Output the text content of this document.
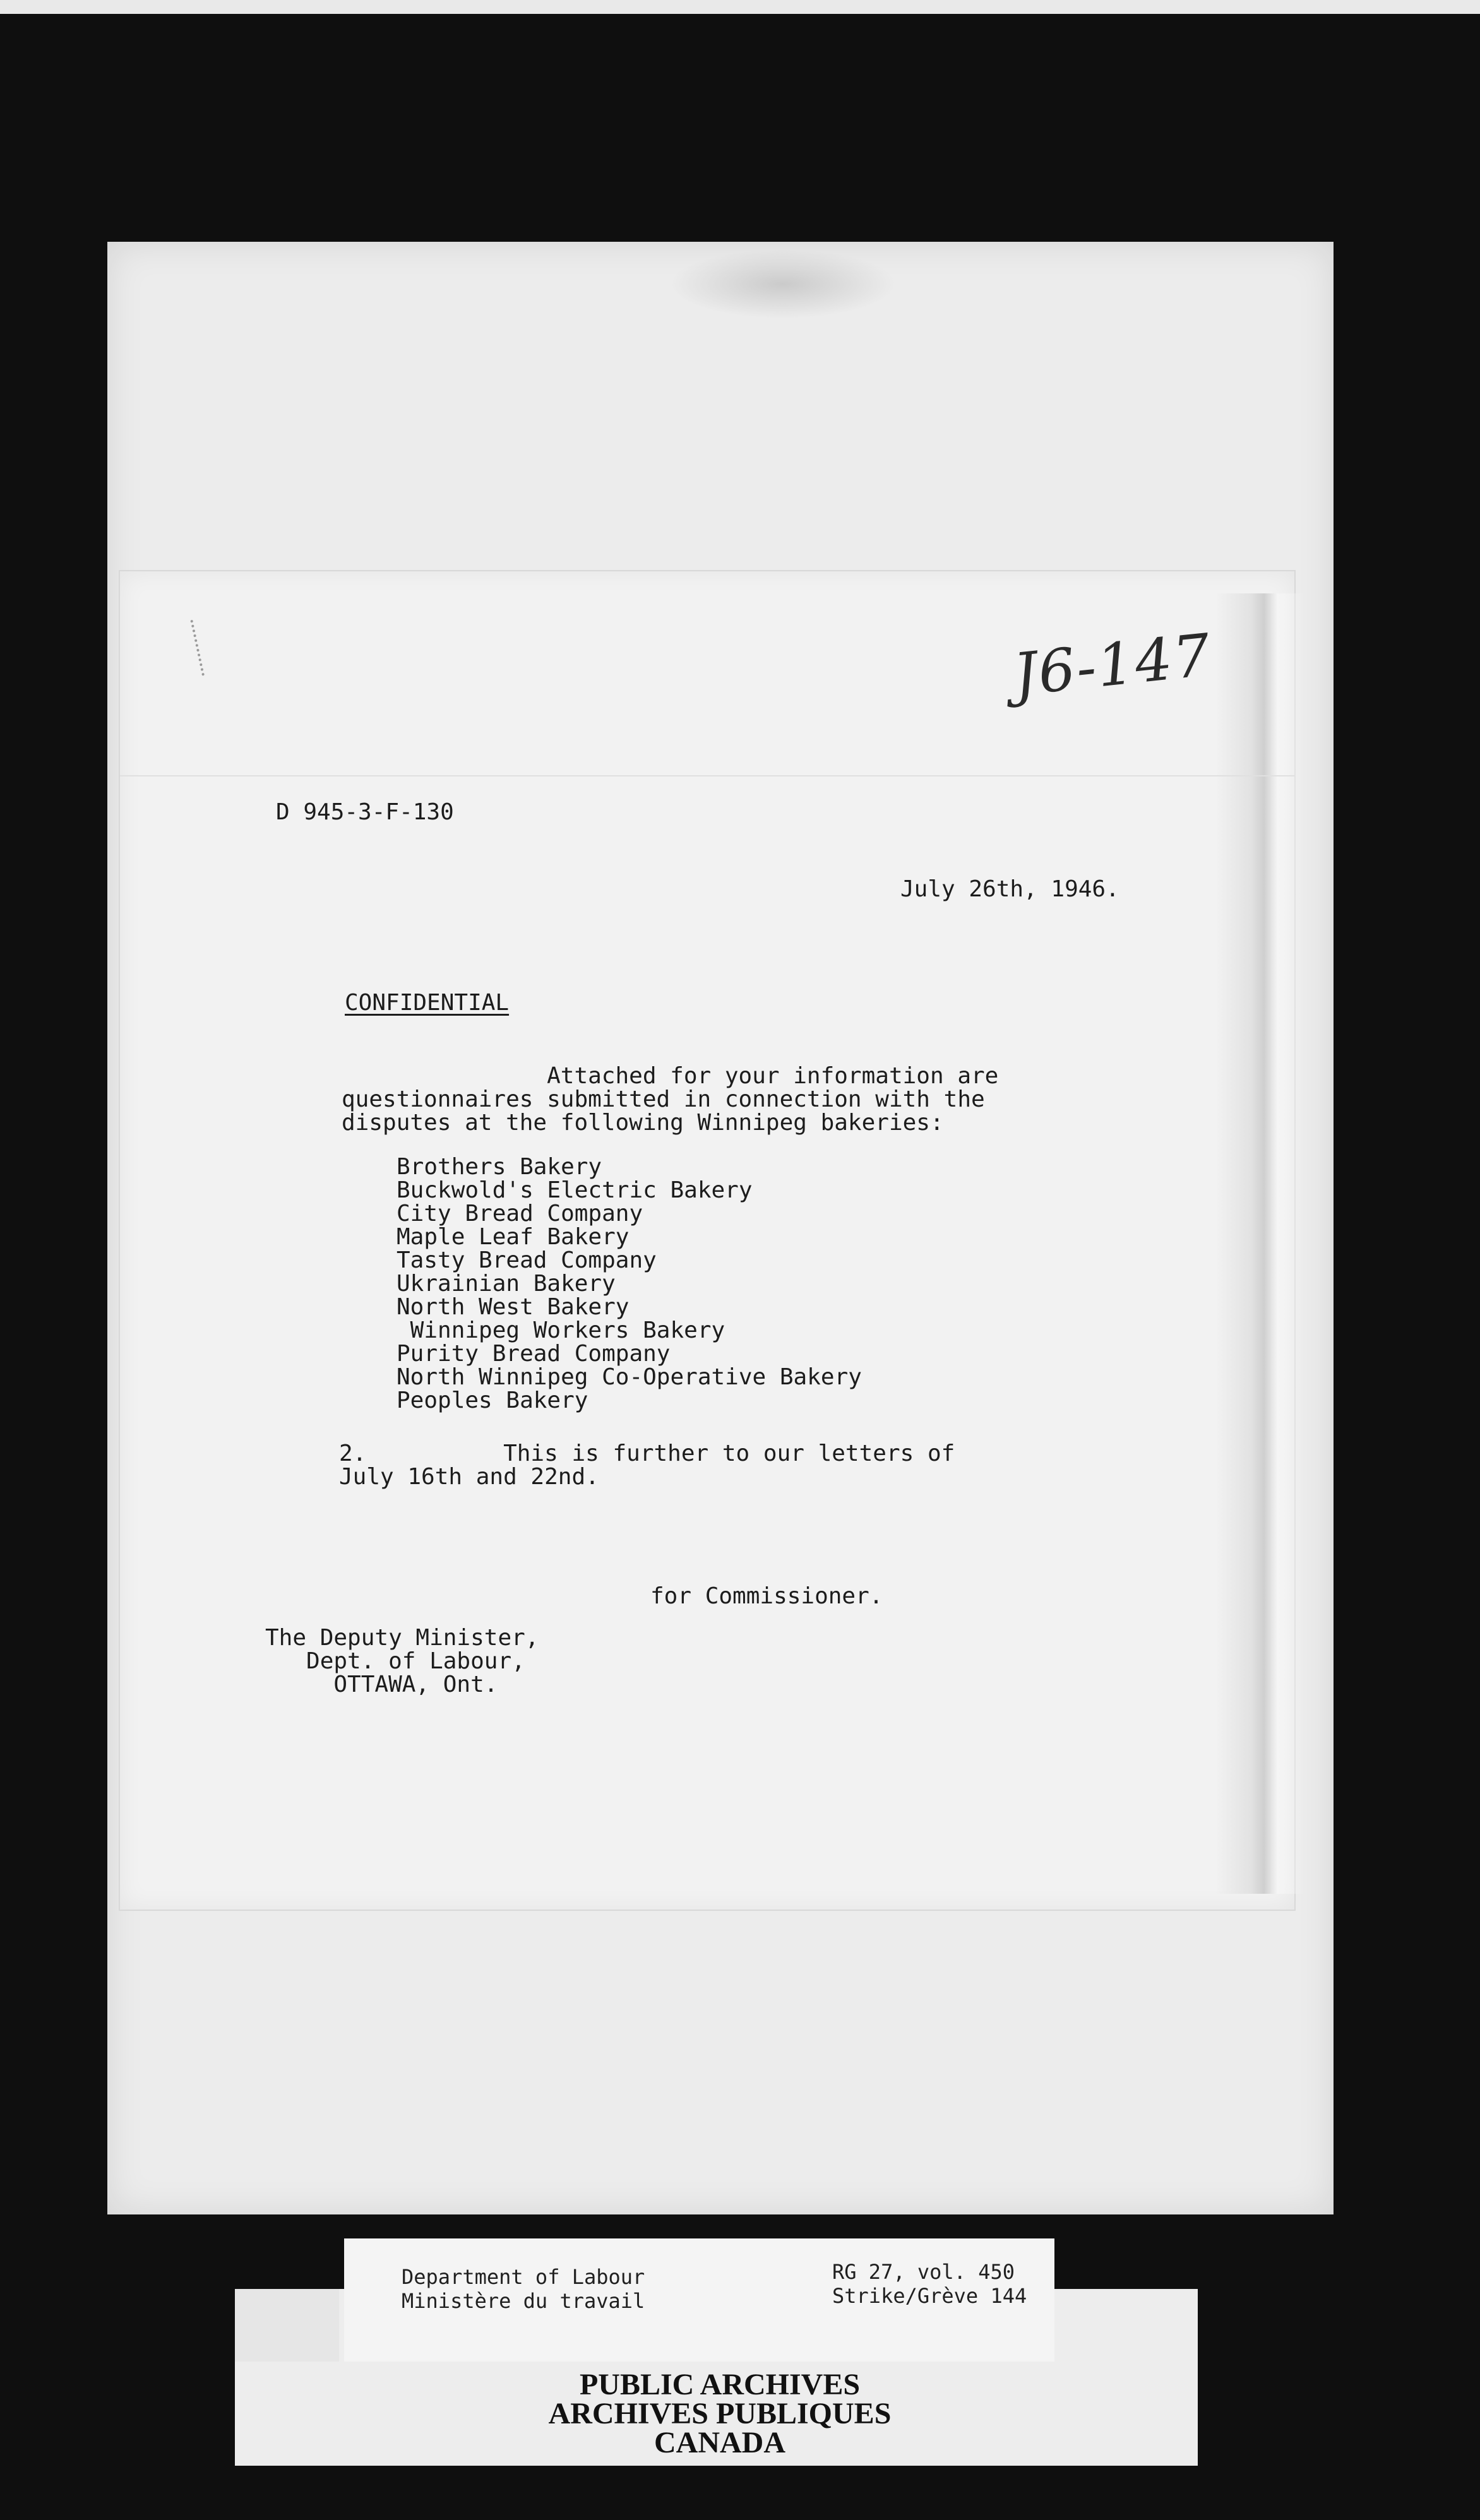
J6-147

D 945-3-F-130

July 26th, 1946.

CONFIDENTIAL

Attached for your information are
questionnaires submitted in connection with the
disputes at the following Winnipeg bakeries:

Brothers Bakery
Buckwold's Electric Bakery
City Bread Company
Maple Leaf Bakery
Tasty Bread Company
Ukrainian Bakery
North West Bakery
Winnipeg Workers Bakery
Purity Bread Company
North Winnipeg Co-Operative Bakery
Peoples Bakery

2.          This is further to our letters of
July 16th and 22nd.

for Commissioner.

The Deputy Minister,
Dept. of Labour,
OTTAWA, Ont.

Department of Labour
Ministère du travail

RG 27, vol. 450
Strike/Grève 144

PUBLIC ARCHIVES
ARCHIVES PUBLIQUES
CANADA
